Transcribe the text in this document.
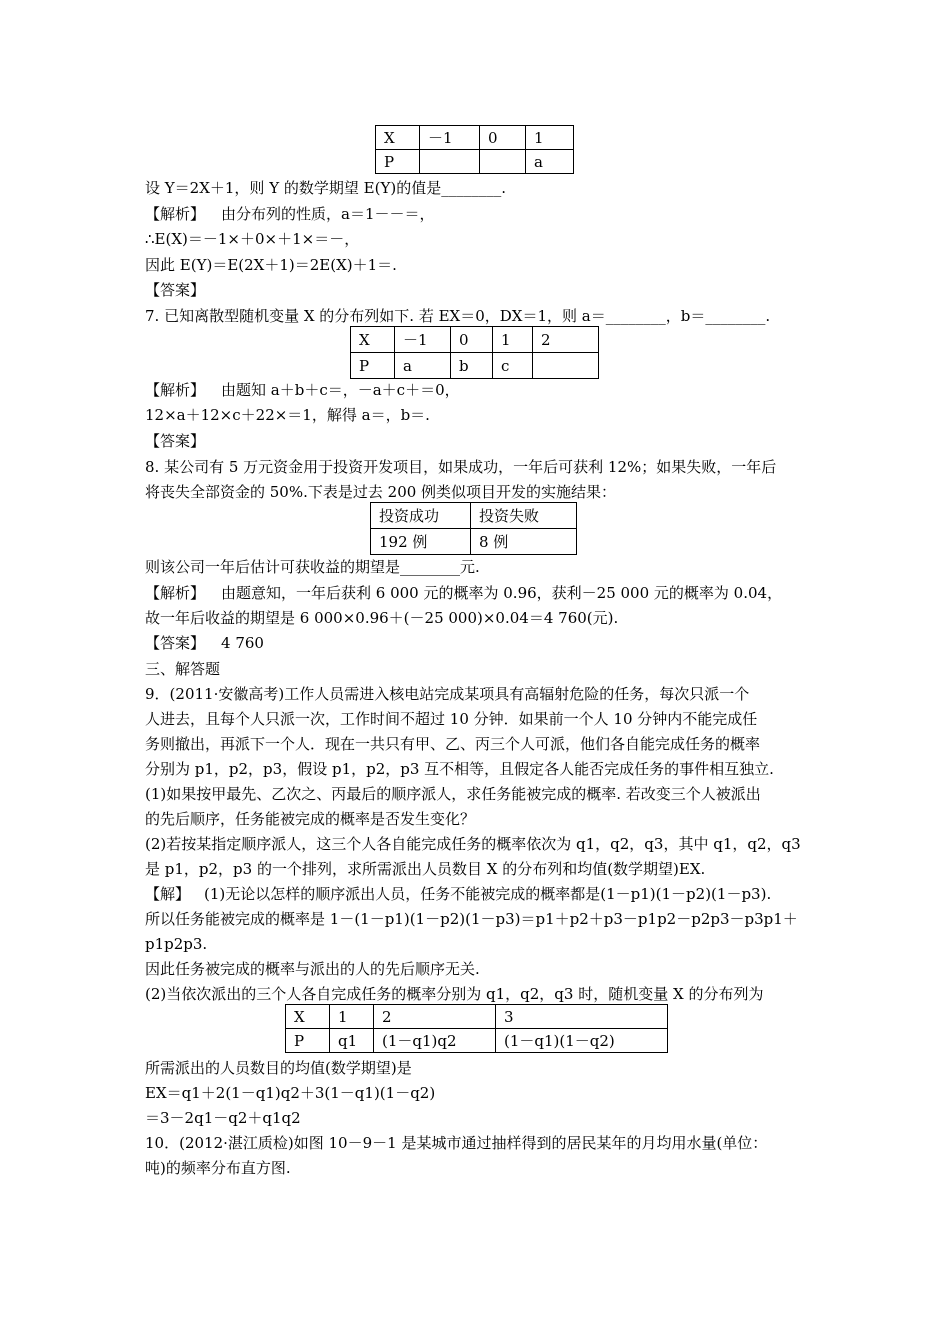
X	－1	0	1
P			a
设 Y＝2X＋1，则 Y 的数学期望 E(Y)的值是________.
【解析】 由分布列的性质，a＝1－－＝，
∴E(X)＝－1×＋0×＋1×＝－，
因此 E(Y)＝E(2X＋1)＝2E(X)＋1＝.
【答案】
7. 已知离散型随机变量 X 的分布列如下. 若 EX＝0，DX＝1，则 a＝________，b＝________.
X	－1	0	1	2
P	a	b	c	
【解析】 由题知 a＋b＋c＝，－a＋c＋＝0，
12×a＋12×c＋22×＝1，解得 a＝，b＝.
【答案】
8. 某公司有 5 万元资金用于投资开发项目，如果成功，一年后可获利 12%；如果失败，一年后
将丧失全部资金的 50%.下表是过去 200 例类似项目开发的实施结果：
投资成功	投资失败
192 例	8 例
则该公司一年后估计可获收益的期望是________元.
【解析】 由题意知，一年后获利 6 000 元的概率为 0.96，获利－25 000 元的概率为 0.04，
故一年后收益的期望是 6 000×0.96＋(－25 000)×0.04＝4 760(元).
【答案】 4 760
三、解答题
9．(2011·安徽高考)工作人员需进入核电站完成某项具有高辐射危险的任务，每次只派一个
人进去，且每个人只派一次，工作时间不超过 10 分钟．如果前一个人 10 分钟内不能完成任
务则撤出，再派下一个人．现在一共只有甲、乙、丙三个人可派，他们各自能完成任务的概率
分别为 p1，p2，p3，假设 p1，p2，p3 互不相等，且假定各人能否完成任务的事件相互独立.
(1)如果按甲最先、乙次之、丙最后的顺序派人，求任务能被完成的概率. 若改变三个人被派出
的先后顺序，任务能被完成的概率是否发生变化？
(2)若按某指定顺序派人，这三个人各自能完成任务的概率依次为 q1，q2，q3，其中 q1，q2，q3
是 p1，p2，p3 的一个排列，求所需派出人员数目 X 的分布列和均值(数学期望)EX.
【解】 (1)无论以怎样的顺序派出人员，任务不能被完成的概率都是(1－p1)(1－p2)(1－p3).
所以任务能被完成的概率是 1－(1－p1)(1－p2)(1－p3)＝p1＋p2＋p3－p1p2－p2p3－p3p1＋
p1p2p3.
因此任务被完成的概率与派出的人的先后顺序无关.
(2)当依次派出的三个人各自完成任务的概率分别为 q1，q2，q3 时，随机变量 X 的分布列为
X	1	2	3
P	q1	(1－q1)q2	(1－q1)(1－q2)
所需派出的人员数目的均值(数学期望)是
EX＝q1＋2(1－q1)q2＋3(1－q1)(1－q2)
＝3－2q1－q2＋q1q2
10．(2012·湛江质检)如图 10－9－1 是某城市通过抽样得到的居民某年的月均用水量(单位：
吨)的频率分布直方图.
